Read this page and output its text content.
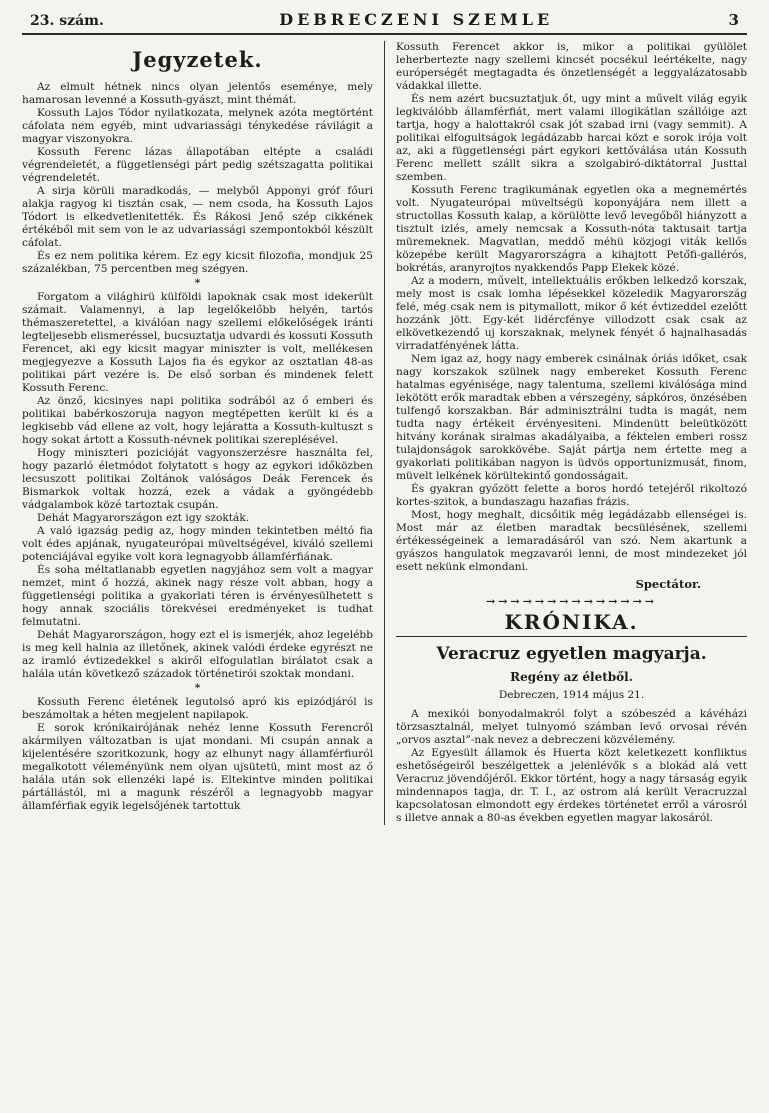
23. szám.	DEBRECZENI SZEMLE	3
Jegyzetek.

Az elmult hétnek nincs olyan jelentős eseménye, mely hamarosan levenné a Kossuth-gyászt, mint thémát.

Kossuth Lajos Tódor nyilatkozata, melynek azóta megtörtént cáfolata nem egyéb, mint udvariassági ténykedése rávilágit a magyar viszonyokra.

Kossuth Ferenc lázas állapotában eltépte a családi végrendeletét, a függetlenségi párt pedig szétszagatta politikai végrendeletét.

A sirja körüli maradkodás, — melyből Apponyi gróf főuri alakja ragyog ki tisztán csak, — nem csoda, ha Kossuth Lajos Tódort is elkedvetlenitették. És Rákosi Jenő szép cikkének értékéből mit sem von le az udvariassági szempontokból készült cáfolat.

És ez nem politika kérem. Ez egy kicsit filozofia, mondjuk 25 százalékban, 75 percentben meg szégyen.

*

Forgatom a világhirü külföldi lapoknak csak most idekerült számait. Valamennyi, a lap legelőkelőbb helyén, tartós thémaszeretettel, a kiválóan nagy szellemi előkelőségek iránti legteljesebb elismeréssel, bucsuztatja udvardi és kossuti Kossuth Ferencet, aki egy kicsit magyar miniszter is volt, mellékesen megjegyezve a Kossuth Lajos fia és egykor az osztatlan 48-as politikai párt vezére is. De első sorban és mindenek felett Kossuth Ferenc.

Az önző, kicsinyes napi politika sodrából az ő emberi és politikai babérkoszoruja nagyon megtépetten került ki és a legkisebb vád ellene az volt, hogy lejáratta a Kossuth-kultuszt s hogy sokat ártott a Kossuth-névnek politikai szereplésével.

Hogy miniszteri pozicióját vagyonszerzésre használta fel, hogy pazarló életmódot folytatott s hogy az egykori időközben lecsuszott politikai Zoltánok valóságos Deák Ferencek és Bismarkok voltak hozzá, ezek a vádak a gyöngédebb vádgalambok közé tartoztak csupán.

Dehát Magyarországon ezt igy szokták.

A való igazság pedig az, hogy minden tekintetben méltó fia volt édes apjának, nyugateurópai müveltségével, kiváló szellemi potenciájával egyike volt kora legnagyobb államférfiának.

És soha méltatlanabb egyetlen nagyjához sem volt a magyar nemzet, mint ő hozzá, akinek nagy része volt abban, hogy a függetlenségi politika a gyakorlati téren is érvényesülhetett s hogy annak szociális törekvései eredményeket is tudhat felmutatni.

Dehát Magyarországon, hogy ezt el is ismerjék, ahoz legelébb is meg kell halnia az illetőnek, akinek valódi érdeke egyrészt ne az iramló évtizedekkel s akiről elfogulatlan birálatot csak a halála után következő századok történetirói szoktak mondani.

*

Kossuth Ferenc életének legutolsó apró kis epizódjáról is beszámoltak a héten megjelent napilapok.

E sorok krónikairójának nehéz lenne Kossuth Ferencről akármilyen változatban is ujat mondani. Mi csupán annak a kijelentésére szoritkozunk, hogy az elhunyt nagy államférfiuról megalkotott véleményünk nem olyan ujsütetü, mint most az ő halála után sok ellenzéki lapé is. Eltekintve minden politikai pártállástól, mi a magunk részéről a legnagyobb magyar államférfiak egyik legelsőjének tartottuk

Kossuth Ferencet akkor is, mikor a politikai gyülölet leherbertezte nagy szellemi kincsét pocsékul leértékelte, nagy európerségét megtagadta és önzetlenségét a leggyalázatosabb vádakkal illette.

És nem azért bucsuztatjuk őt, ugy mint a művelt világ egyik legkiválóbb államférfiát, mert valami illogikátlan szállóige azt tartja, hogy a halottakról csak jót szabad irni (vagy semmit). A politikai elfogultságok legádázabb harcai közt e sorok irója volt az, aki a függetlenségi párt egykori kettőválása után Kossuth Ferenc mellett szállt sikra a szolgabiró-diktátorral Justtal szemben.

Kossuth Ferenc tragikumának egyetlen oka a megnemértés volt. Nyugateurópai müveltségü koponyájára nem illett a structollas Kossuth kalap, a körülötte levő levegőből hiányzott a tisztult izlés, amely nemcsak a Kossuth-nóta taktusait tartja müremeknek. Magvatlan, meddő méhü közjogi viták kellős közepébe került Magyarországra a kihajtott Petőfi-gallérós, bokrétás, aranyrojtos nyakkendős Papp Elekek közé.

Az a modern, művelt, intellektuális erőkben lelkedző korszak, mely most is csak lomha lépésekkel közeledik Magyarország felé, még csak nem is pitymallott, mikor ő két évtizeddel ezelőtt hozzánk jött. Egy-két lidércfénye villodzott csak csak az elkövetkezendő uj korszaknak, melynek fényét ő hajnalhasadás virradatfényének látta.

Nem igaz az, hogy nagy emberek csinálnak óriás időket, csak nagy korszakok szülnek nagy embereket Kossuth Ferenc hatalmas egyénisége, nagy talentuma, szellemi kiválósága mind lekötött erők maradtak ebben a vérszegény, sápkóros, önzésében tulfengő korszakban. Bár adminisztrálni tudta is magát, nem tudta nagy értékeit érvényesiteni. Mindenütt beleütközött hitvány korának siralmas akadályaiba, a féktelen emberi rossz tulajdonságok sarokkövébe. Saját pártja nem értette meg a gyakorlati politikában nagyon is üdvös opportunizmusát, finom, müvelt lelkének körültekintő gondosságait.

És gyakran győzött felette a boros hordó tetejéről rikoltozó kortes-szitok, a bundaszagu hazafias frázis.

Most, hogy meghalt, dicsőitik még legádázabb ellenségei is. Most már az életben maradtak becsülésének, szellemi értékességeinek a lemaradásáról van szó. Nem akartunk a gyászos hangulatok megzavarói lenni, de most mindezeket jól esett nekünk elmondani.

Spectátor.

→→→→→→→→→→→→→→
KRÓNIKA.
Veracruz egyetlen magyarja.
Regény az életből.

Debreczen, 1914 május 21.

A mexikói bonyodalmakról folyt a szóbeszéd a kávéházi törzsasztalnál, melyet tulnyomó számban levő orvosai révén „orvos asztal”-nak nevez a debreczeni közvélemény.

Az Egyesült államok és Huerta közt keletkezett konfliktus eshetőségeiről beszélgettek a jelenlévők s a blokád alá vett Veracruz jövendőjéről. Ekkor történt, hogy a nagy társaság egyik mindennapos tagja, dr. T. I., az ostrom alá került Veracruzzal kapcsolatosan elmondott egy érdekes történetet erről a városról s illetve annak a 80-as években egyetlen magyar lakosáról.
